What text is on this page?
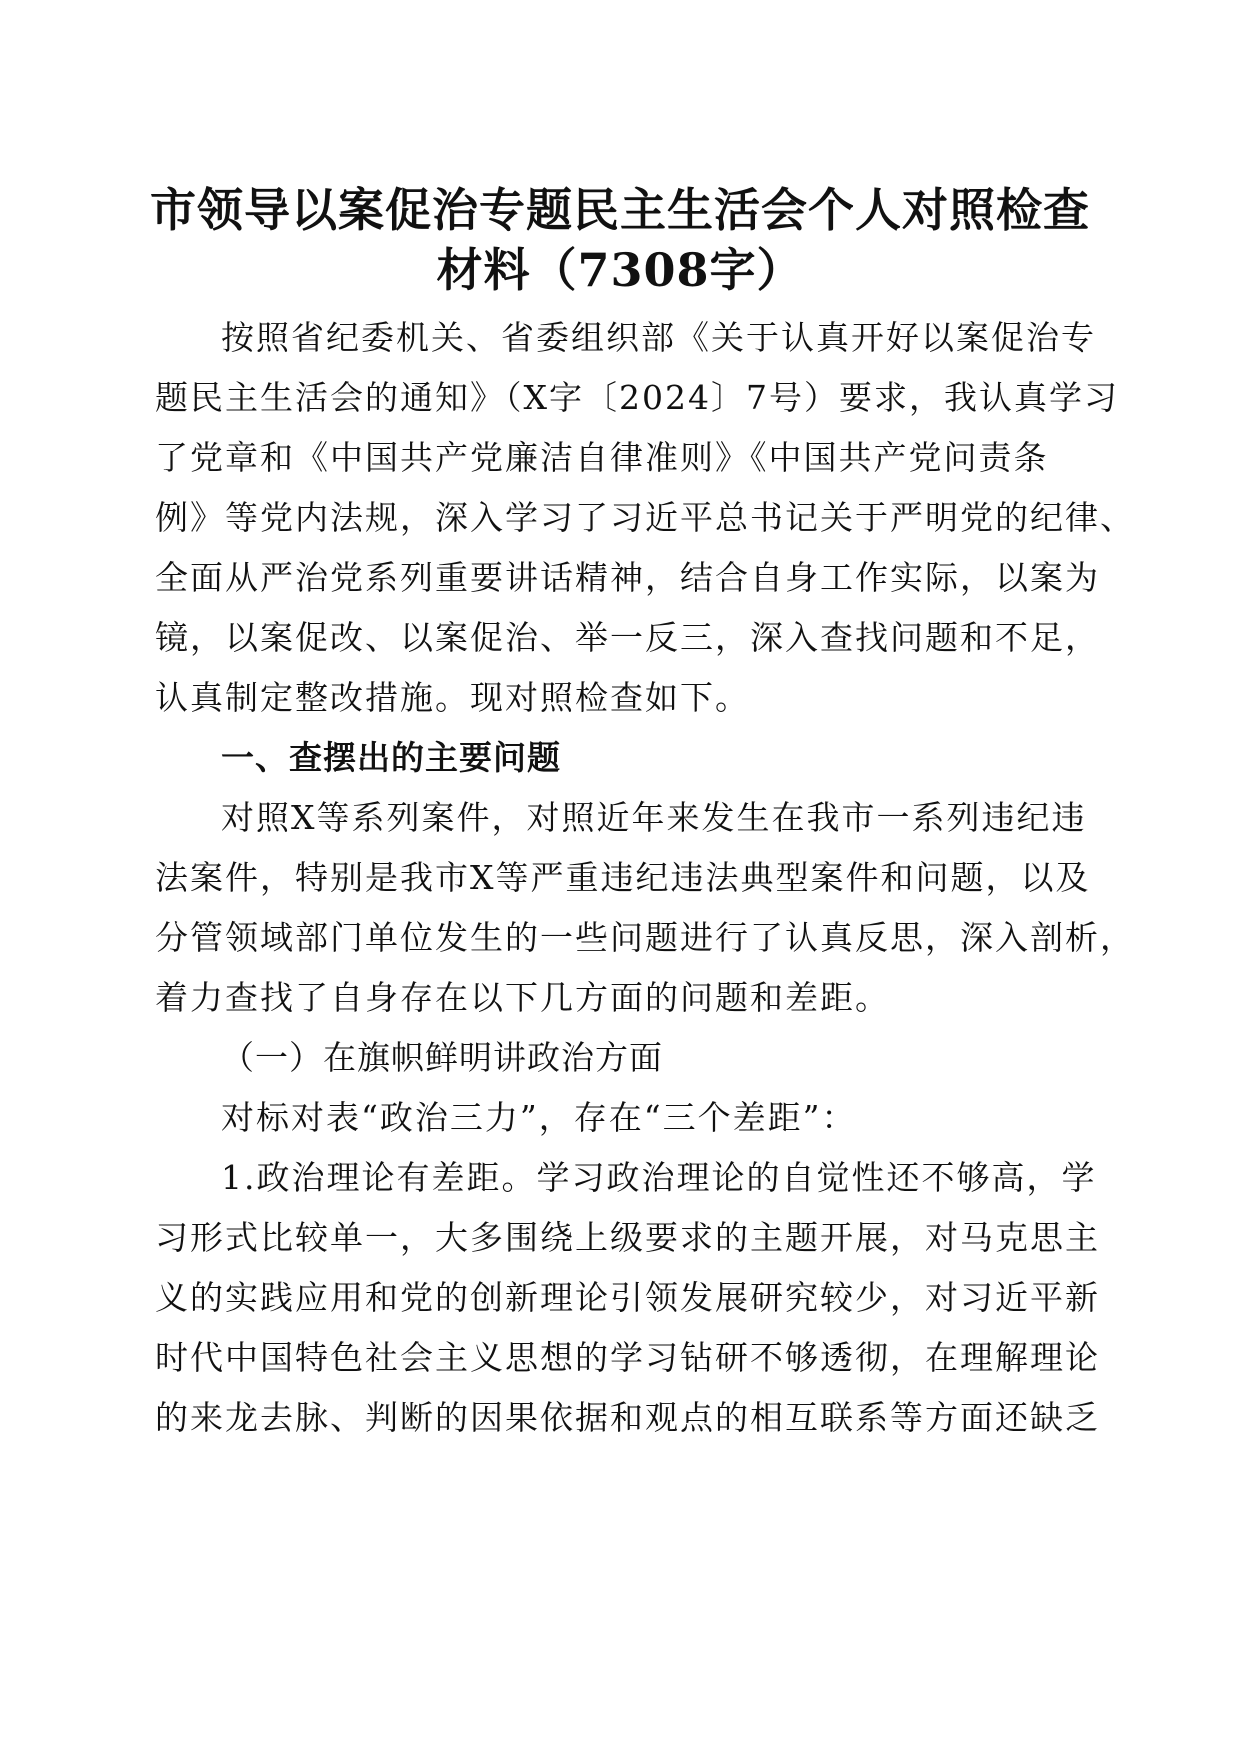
市领导以案促治专题民主生活会个人对照检查
材料（7308字）

按照省纪委机关、省委组织部《关于认真开好以案促治专

题民主生活会的通知》（X字〔2024〕7号）要求，我认真学习

了党章和《中国共产党廉洁自律准则》《中国共产党问责条

例》等党内法规，深入学习了习近平总书记关于严明党的纪律、

全面从严治党系列重要讲话精神，结合自身工作实际，以案为

镜，以案促改、以案促治、举一反三，深入查找问题和不足，

认真制定整改措施。现对照检查如下。

一、查摆出的主要问题

对照X等系列案件，对照近年来发生在我市一系列违纪违

法案件，特别是我市X等严重违纪违法典型案件和问题，以及

分管领域部门单位发生的一些问题进行了认真反思，深入剖析，

着力查找了自身存在以下几方面的问题和差距。

（一）在旗帜鲜明讲政治方面

对标对表“政治三力”，存在“三个差距”：

1.政治理论有差距。学习政治理论的自觉性还不够高，学

习形式比较单一，大多围绕上级要求的主题开展，对马克思主

义的实践应用和党的创新理论引领发展研究较少，对习近平新

时代中国特色社会主义思想的学习钻研不够透彻，在理解理论

的来龙去脉、判断的因果依据和观点的相互联系等方面还缺乏
